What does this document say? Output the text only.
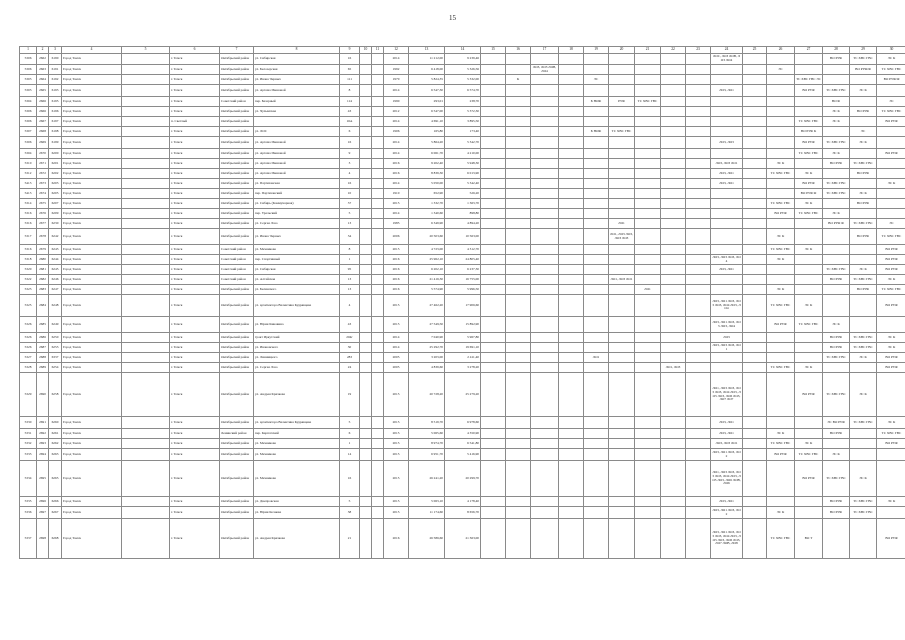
15
1	2	3	4	5	6	7	8	9	10	11	12	13	14	15	16	17	18	19	20	21	22	23	24	25	26	27	28	29	30
5306	2662	6190	Город Томск		г. Томск	Октябрьский район	ул. Сибирская	16			2014	11 212,00	9 239,46										ЛОС, ЛОЗ ЛОВ, ЛОЗ ЛО4				ВО РУФ	ТС ХВС ГВС	ЭС К
5306	2663	6191	Город Томск		г. Томск	Октябрьский район	ул. Белозерская	65			1992	6 418,00	5 326,56			ЛОЗ, ЛОЗ ЛОВ, ЛО4									ЭС			ВО РУФ/Ф	ТС ХВС ГВС
5303	2664	6192	Город Томск		г. Томск	Октябрьский район	ул. Ивана Черных	111			1970	5 824,35	5 332,00		К			ЭС								ТС ХВС ГВС ЭС			ВО РУФ/Ф
5303	2665	6193	Город Томск		г. Томск	Октябрьский район	ул. Артема Ивановой	8			2014	6 547,30	6 574,70										ЛОЗ, ЛО1			ВО РУФ	ТС ХВС ГВС	ЭС К	
5304	2666	6195	Город Томск		г. Томск	Советский район	пер. Базарный	114			1990	293,01	238,70					Б НОФ	РУФ	ТС ХВС ГВС							ВО Ф		ЭС
5306	2666	6196	Город Томск		г. Томск	Октябрьский район	ул. Чулымская	43			2012	6 547,00	5 372,30														ЭС К	ВО РУФ	ТС ХВС ГВС
5306	2667	6197	Город Томск		п. Светлый	Октябрьский район		16А			2014	4 691,10	3 895,50													ТС ХВС ГВС	ЭС К		ВО РУФ
5307	2668	6198	Город Томск		г. Томск	Октябрьский район	ул. ЛОС	6			1906	165,80	173,40					Б НОФ	ТС ХВС ГВС							ВО РУФ К		ЭС	
5306	2669	6199	Город Томск		г. Томск	Октябрьский район	ул. Артема Ивановой	16			2014	5 864,20	5 342,70										ЛОЗ, ЛО3			ВО РУФ	ТС ХВС ГВС	ЭС К	
5304	2670	6200	Город Томск		г. Томск	Октябрьский район	ул. Артема Ивановой	9			2014	6 061,70	4 210,00													ТС ХВС ГВС	ЭС К		ВО РУФ
5310	2671	6201	Город Томск		г. Томск	Октябрьский район	ул. Артема Ивановой	3			2016	9 202,40	5 948,30										ЛОЗ, ЛОЗ ЛО1		ЭС К		ВО РУФ	ТС ХВС ГВС	
5312	2672	6202	Город Томск		г. Томск	Октябрьский район	ул. Артема Ивановой	4			2016	8 839,30	6 013,90										ЛОЗ, ЛО1		ТС ХВС ГВС	ЭС К		ВО РУФ	
5413	2673	6203	Город Томск		г. Томск	Октябрьский район	ул. Партизанская	16			2014	5 050,00	5 342,40										ЛОЗ, ЛО1			ВО РУФ	ТС ХВС ГВС		ЭС К
5413	2674	6205	Город Томск		г. Томск	Октябрьский район	пер. Партизанский	10			1910	652,90	526,20													ВО РУФ Ф	ТС ХВС ГВС	ЭС К	
5314	2675	6207	Город Томск		г. Томск	Октябрьский район	ул. Сибирь (Коммунарная)	37			2015	1 332,70	1 363,70												ТС ХВС ГВС	ЭС К		ВО РУФ	
5316	2676	6209	Город Томск		г. Томск	Октябрьский район	пер. Уральский	5			2014	1 340,60	898,80												ВО РУФ	ТС ХВС ГВС	ЭС К		
5316	2677	6230	Город Томск		г. Томск	Октябрьский район	ул. Сергея Лазо	13			1985	6 349,90	4 894,20						ЛО1								ВО РУФ Ф	ТС ХВС ГВС	ЭС
5317	2678	6242	Город Томск		г. Томск	Октябрьский район	ул. Ивана Черных	34			2006	20 503,60	10 563,00						ЛО1, ЛОЗ ЛОЗ, ЛОЗ ЛОЗ						ЭС К			ВО РУФ	ТС ХВС ГВС
5316	2679	6243	Город Томск		г. Томск	Советский район	ул. Мечникова	8			2015	4 723,00	4 312,70												ТС ХВС ГВС	ЭС К			ВО РУФ
5318	2680	6244	Город Томск		г. Томск	Советский район	пер. Спортивный	1			2016	25 962,10	24 805,40										ЛОЗ, ЛОЗ ЛОЗ, ЛО4		ЭС К				ВО РУФ
5320	2681	6245	Город Томск		г. Томск	Советский район	ул. Сибирская	95			2016	6 202,10	6 237,30										ЛОЗ, ЛО1				ТС ХВС ГВС	ЭС К	ВО РУФ
5322	2682	6246	Город Томск		г. Томск	Советский район	ул. Алтайская	13			2016	21 416,30	16 755,00						ЛО1, ЛОЗ ЛО1								ВО РУФ	ТС ХВС ГВС	ЭС К
5323	2683	6247	Город Томск		г. Томск	Октябрьский район	ул. Белинского	13			2016	5 574,90	5 996,50							ЛО1					ЭС К			ВО РУФ	ТС ХВС ГВС
5325	2684	6248	Город Томск		г. Томск	Октябрьский район	ул. архитектора Валентина Кудрявцева	4			2015	27 462,20	17 906,60										ЛОЗ, ЛО1 ЛОЗ, ЛОЗ ЛОЗ, ЛО4 ЛОЗ, ЛО4		ТС ХВС ГВС	ЭС К			ВО РУФ
5326	2685	6249	Город Томск		г. Томск	Октябрьский район	ул. Юрия Кинавина	43			2015	27 549,50	15 892,90										ЛОЗ, ЛО1 ЛОЗ, ЛОЗ ЛОЗ, ЛО4		ВО РУФ	ТС ХВС ГВС	ЭС К		
5326	2686	6250	Город Томск		г. Томск	Октябрьский район	тракт Иркутский	204г			2014	7 040,90	5 967,80										ЛОЗ				ВО РУФ	ТС ХВС ГВС	ЭС К
5326	2687	6253	Город Томск		г. Томск	Октябрьский район	ул. Ивановского	30			2014	25 292,70	19 691,10										ЛОЗ, ЛОЗ ЛОЗ, ЛО1				ВО РУФ	ТС ХВС ГВС	ЭС К
5327	2688	6337	Город Томск		г. Томск	Октябрьский район	ул. Линницкого	283			2005	3 203,00	2 411,40					ЛО1									ТС ХВС ГВС	ЭС К	ВО РУФ
5328	2689	6254	Город Томск		г. Томск	Октябрьский район	ул. Сергея Лазо	24			2005	4 839,60	3 278,20								ЛО1, ЛОЗ				ТС ХВС ГВС	ЭС К			ВО РУФ
5329	2690	6258	Город Томск		г. Томск	Октябрьский район	ул. Андрея Крячкова	19			2015	20 728,20	25 279,20										ЛО1, ЛОЗ ЛОЗ, ЛОЗ ЛОЗ, ЛО4 ЛОЗ, ЛО5 ЛОЗ, ЛО6 ЛОЗ, ЛО7 ЛО7			ВО РУФ	ТС ХВС ГВС	ЭС К	
5330	2691	6260	Город Томск		г. Томск	Октябрьский район	ул. архитектора Валентина Кудрявцева	5			2015	8 519,70	6 978,60										ЛОЗ, ЛО1				ЭС ВО РУФ	ТС ХВС ГВС	ЭС К
5331	2692	6261	Город Томск		г. Томск	Ленинский район	пер. Карпатский	6			2015	5 065,60	4 350,90										ЛОЗ, ЛО1		ЭС К		ВО РУФ		ТС ХВС ГВС
5332	2693	6262	Город Томск		г. Томск	Октябрьский район	ул. Мечникова	1			2015	8 974,70	6 541,80										ЛОЗ, ЛОЗ ЛО1		ТС ХВС ГВС	ЭС К			ВО РУФ
5333	2694	6263	Город Томск		г. Томск	Октябрьский район	ул. Мечникова	14			2015	6 951,70	5 416,90										ЛОЗ, ЛО1 ЛОЗ, ЛО2		ВО РУФ	ТС ХВС ГВС	ЭС К		
5334	2695	6265	Город Томск		г. Томск	Октябрьский район	ул. Мечникова	16			2015	26 241,20	20 299,70										ЛО1, ЛОЗ ЛОЗ, ЛОЗ ЛОЗ, ЛО4 ЛОЗ, ЛО5 ЛОЗ, ЛО6 ЛОВ, ЛО6			ВО РУФ	ТС ХВС ГВС	ЭС К	
5335	2696	6266	Город Томск		г. Томск	Октябрьский район	ул. Днепровская	5			2015	5 063,10	4 178,40										ЛОЗ, ЛО1				ВО РУФ	ТС ХВС ГВС	ЭС К
5336	2697	6267	Город Томск		г. Томск	Октябрьский район	ул. Юрия Кочнева	38			2015	11 174,60	8 656,70										ЛОЗ, ЛО1 ЛОЗ, ЛО2		ЭС К		ВО РУФ	ТС ХВС ГВС	
5337	2698	6268	Город Томск		г. Томск	Октябрьский район	ул. Андрея Крячкова	21			2016	26 586,60	21 363,00										ЛОЗ, ЛО1 ЛОЗ, ЛОЗ ЛОЗ, ЛО4 ЛОЗ, ЛО5 ЛОЗ, ЛО6 ЛОЗ, ЛО7 ЛОВ, ЛО8		ТС ХВС ГВС	ВО Т			ВО РУФ
